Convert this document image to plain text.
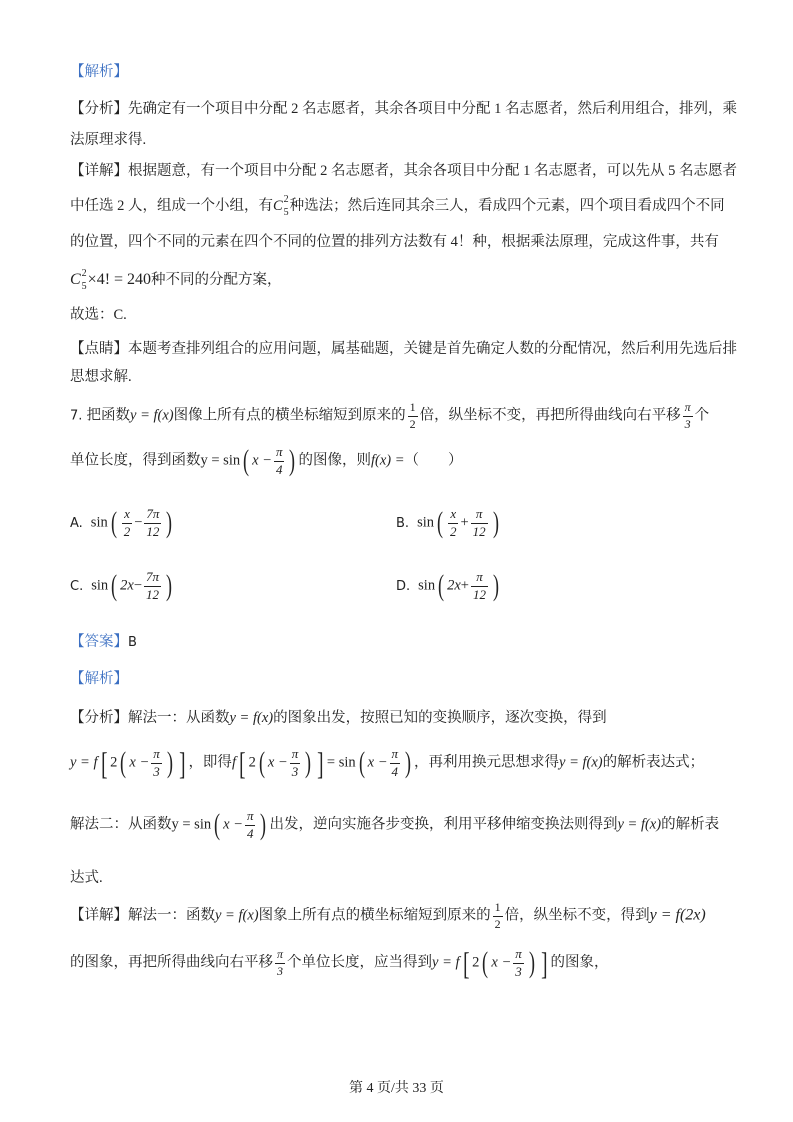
【解析】
【分析】先确定有一个项目中分配 2 名志愿者，其余各项目中分配 1 名志愿者，然后利用组合，排列，乘
法原理求得.
【详解】根据题意，有一个项目中分配 2 名志愿者，其余各项目中分配 1 名志愿者，可以先从 5 名志愿者
中任选 2 人，组成一个小组，有C 2
5 种选法；然后连同其余三人，看成四个元素，四个项目看成四个不同
的位置，四个不同的元素在四个不同的位置的排列方法数有 4！种，根据乘法原理，完成这件事，共有
C 2
5 ×4! = 240种不同的分配方案，
故选：C.
【点睛】本题考查排列组合的应用问题，属基础题，关键是首先确定人数的分配情况，然后利用先选后排
思想求解.
7. 把函数y = f(x)图像上所有点的横坐标缩短到原来的 $\frac{1}{2}$ 倍，纵坐标不变，再把所得曲线向右平移 $\frac{\pi}{3}$ 个
单位长度，得到函数y = sin ( $x - \frac{\pi}{4}$ ) 的图像，则f(x) =（　　）
A. sin ( $\frac{x}{2} - \frac{7\pi}{12}$ )	B. sin ( $\frac{x}{2} + \frac{\pi}{12}$ )
C. sin ( $2x- \frac{7\pi}{12}$ )	D. sin ( $2x+ \frac{\pi}{12}$ )
【答案】B
【解析】
【分析】解法一：从函数y = f(x)的图象出发，按照已知的变换顺序，逐次变换，得到
y = f[ 2 ( $x - \frac{\pi}{3}$ ) ] ，即得f[ 2 ( $x - \frac{\pi}{3}$ ) ] = sin ( $x - \frac{\pi}{4}$ ) ，再利用换元思想求得y = f(x)的解析表达式；
解法二：从函数y = sin ( $x - \frac{\pi}{4}$ ) 出发，逆向实施各步变换，利用平移伸缩变换法则得到y = f(x)的解析表
达式.
【详解】解法一：函数y = f(x)图象上所有点的横坐标缩短到原来的 $\frac{1}{2}$ 倍，纵坐标不变，得到y = f(2x)
的图象，再把所得曲线向右平移 $\frac{\pi}{3}$ 个单位长度，应当得到y = f[ 2 ( $x - \frac{\pi}{3}$ ) ] 的图象，
第 4 页/共 33 页
